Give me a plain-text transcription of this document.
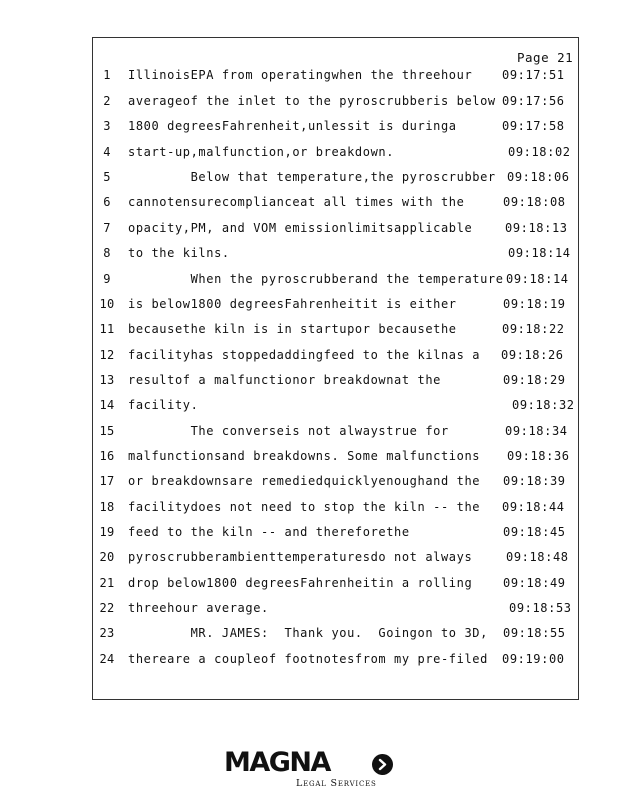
Page 21
1	IllinoisEPA from operatingwhen the threehour 09:17:51
2	averageof the inlet to the pyroscrubberis below 09:17:56
3	1800 degreesFahrenheit,unlessit is duringa	09:17:58
4	start-up,malfunction,or breakdown.	09:18:02
5	Below that temperature,the pyroscrubber 09:18:06
6	cannotensurecomplianceat all times with the	09:18:08
7	opacity,PM, and VOM emissionlimitsapplicable	09:18:13
8	to the kilns.	09:18:14
9	When the pyroscrubberand the temperature 09:18:14
10 is below1800 degreesFahrenheitit is either	09:18:19
11 becausethe kiln is in startupor becausethe	09:18:22
12 facilityhas stoppedaddingfeed to the kilnas a 09:18:26
13 resultof a malfunctionor breakdownat the	09:18:29
14 facility.	09:18:32
15 The converseis not alwaystrue for	09:18:34
16 malfunctionsand breakdowns. Some malfunctions 09:18:36
17 or breakdownsare remediedquicklyenoughand the 09:18:39
18 facilitydoes not need to stop the kiln -- the 09:18:44
19 feed to the kiln -- and thereforethe	09:18:45
20 pyroscrubberambienttemperaturesdo not always	09:18:48
21 drop below1800 degreesFahrenheitin a rolling	09:18:49
22 threehour average.	09:18:53
23 MR. JAMES:  Thank you.  Goingon to 3D, 09:18:55
24 thereare a coupleof footnotesfrom my pre-filed 09:19:00
MAGNA
Legal Services
